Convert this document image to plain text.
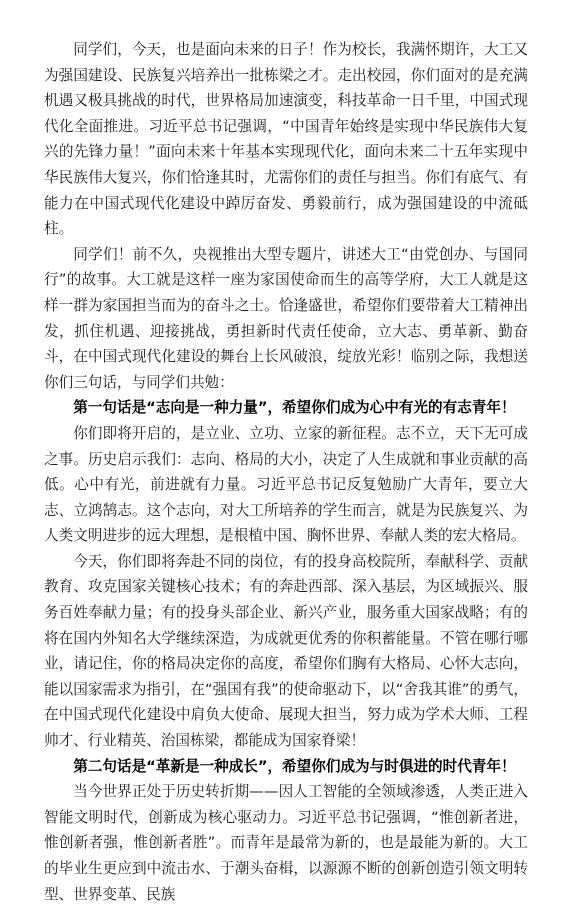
同学们，今天，也是面向未来的日子！作为校长，我满怀期许，大工又为强国建设、民族复兴培养出一批栋梁之才。走出校园，你们面对的是充满机遇又极具挑战的时代，世界格局加速演变，科技革命一日千里，中国式现代化全面推进。习近平总书记强调，“中国青年始终是实现中华民族伟大复兴的先锋力量！”面向未来十年基本实现现代化，面向未来二十五年实现中华民族伟大复兴，你们恰逢其时，尤需你们的责任与担当。你们有底气、有能力在中国式现代化建设中踔厉奋发、勇毅前行，成为强国建设的中流砥柱。

同学们！前不久，央视推出大型专题片，讲述大工“由党创办、与国同行”的故事。大工就是这样一座为家国使命而生的高等学府，大工人就是这样一群为家国担当而为的奋斗之士。恰逢盛世，希望你们要带着大工精神出发，抓住机遇、迎接挑战，勇担新时代责任使命，立大志、勇革新、勤奋斗，在中国式现代化建设的舞台上长风破浪，绽放光彩！临别之际，我想送你们三句话，与同学们共勉：

第一句话是“志向是一种力量”，希望你们成为心中有光的有志青年！

你们即将开启的，是立业、立功、立家的新征程。志不立，天下无可成之事。历史启示我们：志向、格局的大小，决定了人生成就和事业贡献的高低。心中有光，前进就有力量。习近平总书记反复勉励广大青年，要立大志、立鸿鹄志。这个志向，对大工所培养的学生而言，就是为民族复兴、为人类文明进步的远大理想，是根植中国、胸怀世界、奉献人类的宏大格局。

今天，你们即将奔赴不同的岗位，有的投身高校院所，奉献科学、贡献教育、攻克国家关键核心技术；有的奔赴西部、深入基层，为区域振兴、服务百姓奉献力量；有的投身头部企业、新兴产业，服务重大国家战略；有的将在国内外知名大学继续深造，为成就更优秀的你积蓄能量。不管在哪行哪业，请记住，你的格局决定你的高度，希望你们胸有大格局、心怀大志向，能以国家需求为指引，在“强国有我”的使命驱动下，以“舍我其谁”的勇气，在中国式现代化建设中肩负大使命、展现大担当，努力成为学术大师、工程帅才、行业精英、治国栋梁，都能成为国家脊梁！

第二句话是“革新是一种成长”，希望你们成为与时俱进的时代青年！

当今世界正处于历史转折期——因人工智能的全领域渗透，人类正进入智能文明时代，创新成为核心驱动力。习近平总书记强调，“惟创新者进，惟创新者强，惟创新者胜”。而青年是最常为新的，也是最能为新的。大工的毕业生更应到中流击水、于潮头奋楫，以源源不断的创新创造引领文明转型、世界变革、民族
